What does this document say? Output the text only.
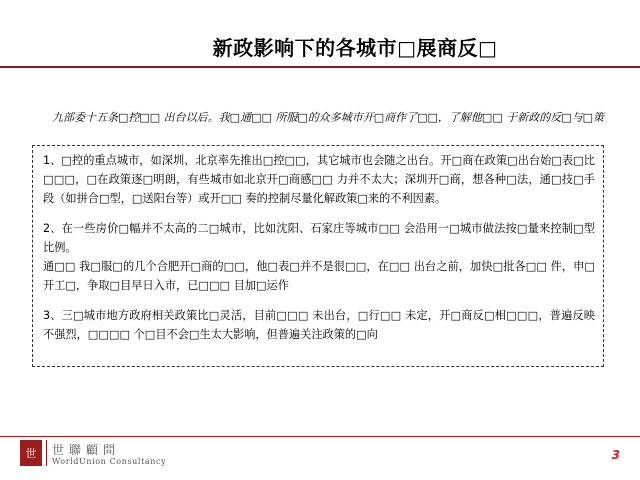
新政影响下的各城市□展商反□
九部委十五条□控□□ 出台以后。我□通□□ 所服□的众多城市开□商作了□□，了解他□□ 于新政的反□与□策

1、□控的重点城市，如深圳、北京率先推出□控□□，其它城市也会随之出台。开□商在政策□出台始□表□比□□□，□在政策逐□明朗，有些城市如北京开□商感□□ 力并不太大；深圳开□商，想各种□法，通□技□手段（如拼合□型，□送阳台等）或开□□ 奏的控制尽量化解政策□来的不利因素。

2、在一些房价□幅并不太高的二□城市，比如沈阳、石家庄等城市□□ 会沿用一□城市做法按□量来控制□型比例。

通□□ 我□服□的几个合肥开□商的□□，他□表□并不是很□□，在□□ 出台之前，加快□批各□□ 件，申□开工□，争取□目早日入市，已□□□ 目加□运作

3、三□城市地方政府相关政策比□灵活，目前□□□ 未出台，□行□□ 未定，开□商反□相□□□，普遍反映不强烈，□□□□ 个□目不会□生太大影响，但普遍关注政策的□向

世	世聯顧問
WorldUnion Consultancy	3
